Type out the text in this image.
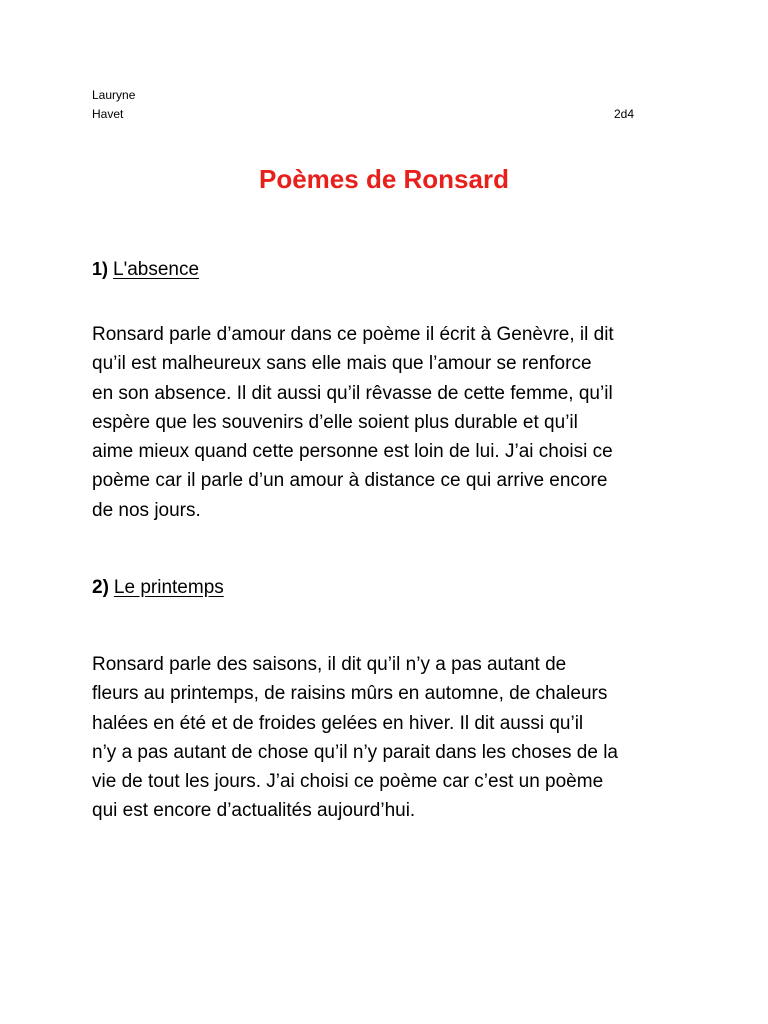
Lauryne
Havet	2d4
Poèmes de Ronsard
1) L'absence
Ronsard parle d’amour dans ce poème il écrit à Genèvre, il dit
qu’il est malheureux sans elle mais que l’amour se renforce
en son absence. Il dit aussi qu’il rêvasse de cette femme, qu’il
espère que les souvenirs d’elle soient plus durable et qu’il
aime mieux quand cette personne est loin de lui. J’ai choisi ce
poème car il parle d’un amour à distance ce qui arrive encore
de nos jours.
2) Le printemps
Ronsard parle des saisons, il dit qu’il n’y a pas autant de
fleurs au printemps, de raisins mûrs en automne, de chaleurs
halées en été et de froides gelées en hiver. Il dit aussi qu’il
n’y a pas autant de chose qu’il n’y parait dans les choses de la
vie de tout les jours. J’ai choisi ce poème car c’est un poème
qui est encore d’actualités aujourd’hui.
